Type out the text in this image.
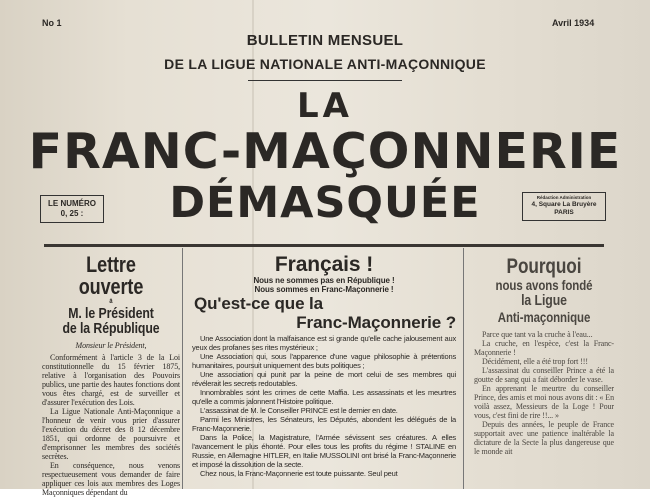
No 1	Avril 1934
BULLETIN MENSUEL
DE LA LIGUE NATIONALE ANTI-MAÇONNIQUE
LA
FRANC-MAÇONNERIE
DÉMASQUÉE
LE NUMÉRO
0, 25 :
Rédaction Administration
4, Square La Bruyère
PARIS
Lettre ouverte
à
M. le Président
de la République
Monsieur le Président,

Conformément à l'article 3 de la Loi constitutionnelle du 15 février 1875, relative à l'organisation des Pouvoirs publics, une partie des hautes fonctions dont vous êtes chargé, est de surveiller et d'assurer l'exécution des Lois.

La Ligue Nationale Anti-Maçonnique a l'honneur de venir vous prier d'assurer l'exécution du décret des 8 12 décembre 1851, qui ordonne de poursuivre et d'emprisonner les membres des sociétés secrètes.

En conséquence, nous venons respectueusement vous demander de faire appliquer ces lois aux membres des Loges Maçonniques dépendant du

Français !
Nous ne sommes pas en République !
Nous sommes en Franc-Maçonnerie !
Qu'est-ce que la
Franc-Maçonnerie ?

Une Association dont la malfaisance est si grande qu'elle cache jalousement aux yeux des profanes ses rites mystérieux ;

Une Association qui, sous l'apparence d'une vague philosophie à prétentions humanitaires, poursuit uniquement des buts politiques ;

Une association qui punit par la peine de mort celui de ses membres qui révélerait les secrets redoutables.

Innombrables sont les crimes de cette Maffia. Les assassinats et les meurtres qu'elle a commis jalonnent l'Histoire politique.

L'assassinat de M. le Conseiller PRINCE est le dernier en date.

Parmi les Ministres, les Sénateurs, les Députés, abondent les délégués de la Franc-Maçonnerie.

Dans la Police, la Magistrature, l'Armée sévissent ses créatures. A elles l'avancement le plus éhonté. Pour elles tous les profits du régime ! STALINE en Russie, en Allemagne HITLER, en Italie MUSSOLINI ont brisé la Franc-Maçonnerie et imposé la dissolution de la secte.

Chez nous, la Franc-Maçonnerie est toute puissante. Seul peut

Pourquoi
nous avons fondé
la Ligue
Anti-maçonnique

Parce que tant va la cruche à l'eau...

La cruche, en l'espèce, c'est la Franc-Maçonnerie !

Décidément, elle a été trop fort !!!

L'assassinat du conseiller Prince a été la goutte de sang qui a fait déborder le vase.

En apprenant le meurtre du conseiller Prince, des amis et moi nous avons dit : « En voilà assez, Messieurs de la Loge ! Pour vous, c'est fini de rire !!... »

Depuis des années, le peuple de France supportait avec une patience inaltérable la dictature de la Secte la plus dangereuse que le monde ait
